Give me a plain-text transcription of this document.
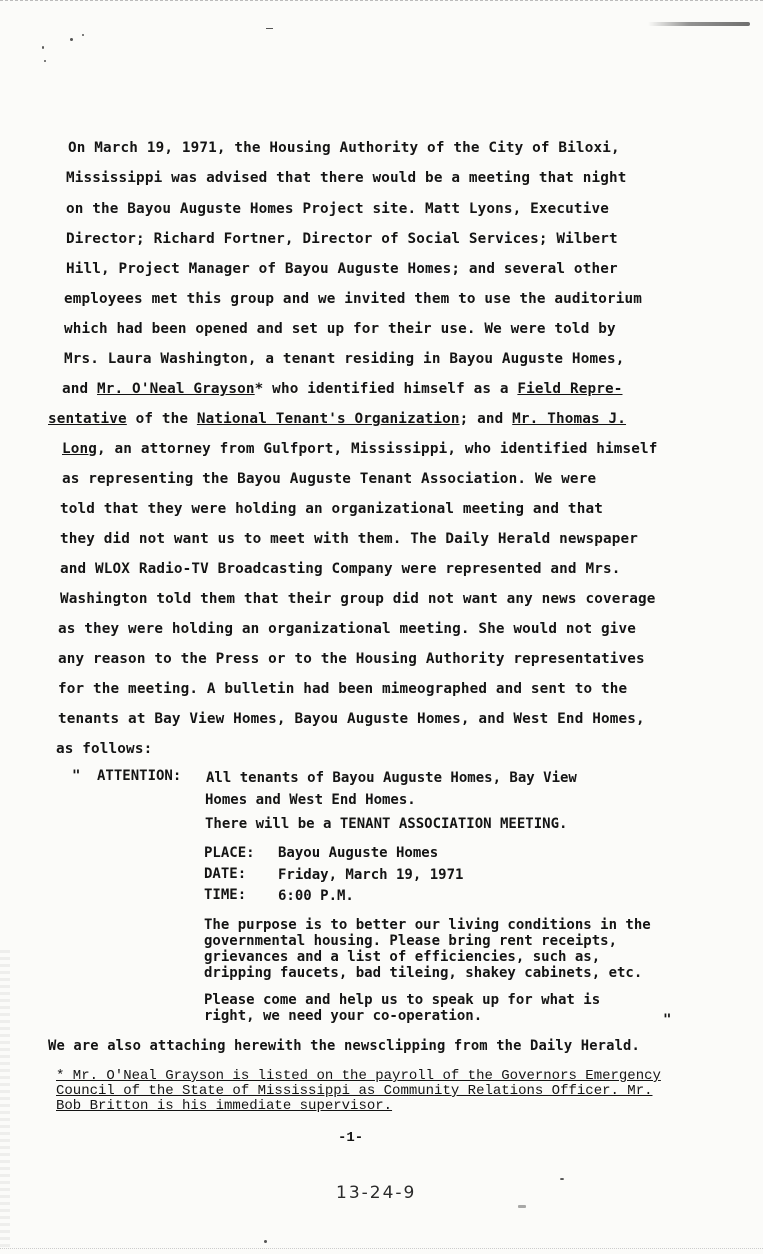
On March 19, 1971, the Housing Authority of the City of Biloxi,
Mississippi was advised that there would be a meeting that night
on the Bayou Auguste Homes Project site. Matt Lyons, Executive
Director; Richard Fortner, Director of Social Services; Wilbert
Hill, Project Manager of Bayou Auguste Homes; and several other
employees met this group and we invited them to use the auditorium
which had been opened and set up for their use. We were told by
Mrs. Laura Washington, a tenant residing in Bayou Auguste Homes,
and Mr. O'Neal Grayson* who identified himself as a Field Repre-
sentative of the National Tenant's Organization; and Mr. Thomas J.
Long, an attorney from Gulfport, Mississippi, who identified himself
as representing the Bayou Auguste Tenant Association. We were
told that they were holding an organizational meeting and that
they did not want us to meet with them. The Daily Herald newspaper
and WLOX Radio-TV Broadcasting Company were represented and Mrs.
Washington told them that their group did not want any news coverage
as they were holding an organizational meeting. She would not give
any reason to the Press or to the Housing Authority representatives
for the meeting. A bulletin had been mimeographed and sent to the
tenants at Bay View Homes, Bayou Auguste Homes, and West End Homes,
as follows:
" ATTENTION: All tenants of Bayou Auguste Homes, Bay View
Homes and West End Homes.
There will be a TENANT ASSOCIATION MEETING.
PLACE: Bayou Auguste Homes
DATE: Friday, March 19, 1971
TIME: 6:00 P.M.
The purpose is to better our living conditions in the
governmental housing. Please bring rent receipts,
grievances and a list of efficiencies, such as,
dripping faucets, bad tileing, shakey cabinets, etc.
Please come and help us to speak up for what is
right, we need your co-operation.	"
We are also attaching herewith the newsclipping from the Daily Herald.
* Mr. O'Neal Grayson is listed on the payroll of the Governors Emergency
Council of the State of Mississippi as Community Relations Officer. Mr.
Bob Britton is his immediate supervisor.
-1-
13-24-9
